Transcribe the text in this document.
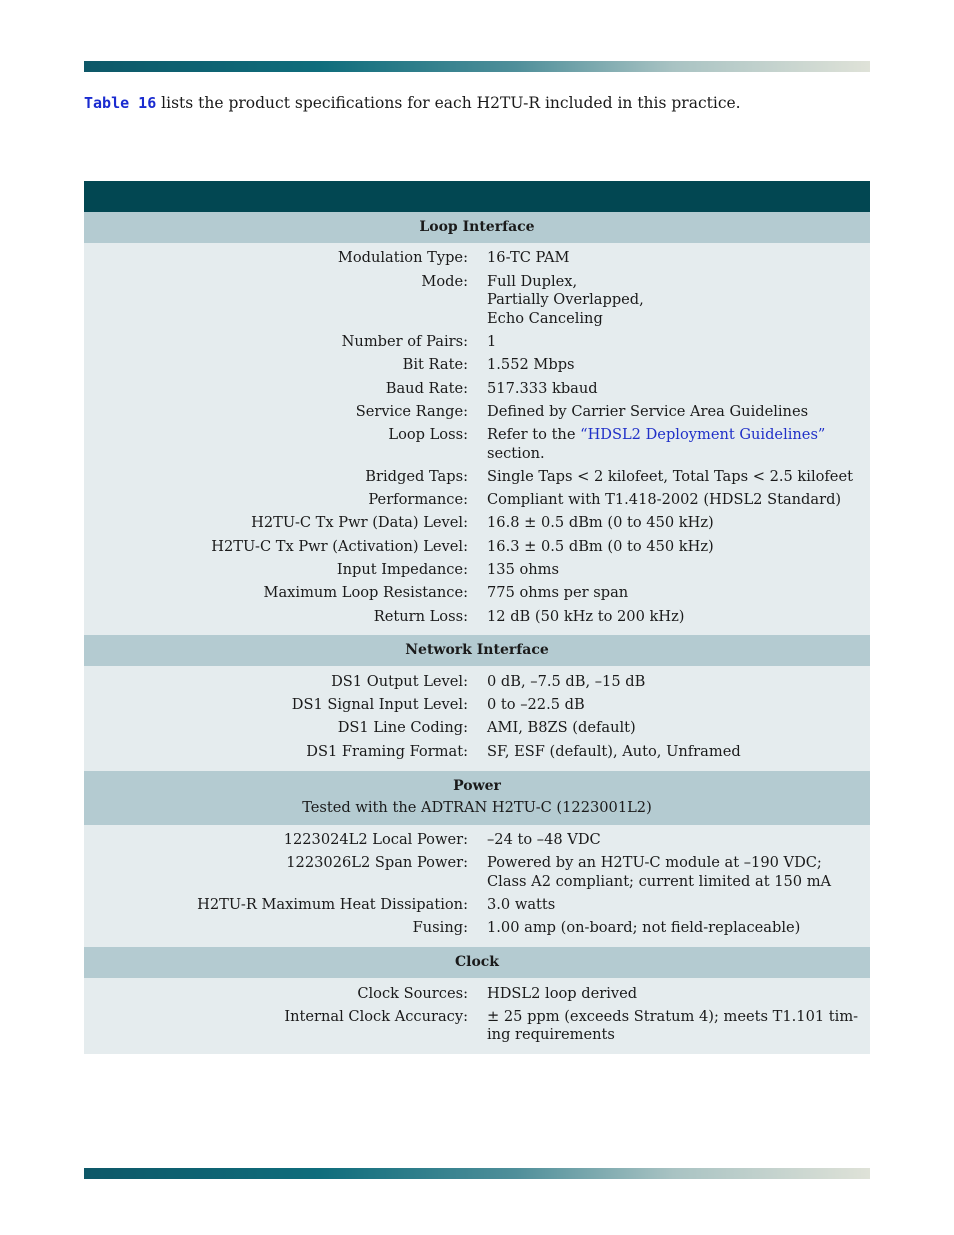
Table 16 lists the product specifications for each H2TU-R included in this practice.

Loop Interface
Modulation Type: 16-TC PAM
Mode: Full Duplex,
Partially Overlapped,
Echo Canceling
Number of Pairs: 1
Bit Rate: 1.552 Mbps
Baud Rate: 517.333 kbaud
Service Range: Defined by Carrier Service Area Guidelines
Loop Loss: Refer to the “HDSL2 Deployment Guidelines”
section.
Bridged Taps: Single Taps < 2 kilofeet, Total Taps < 2.5 kilofeet
Performance: Compliant with T1.418-2002 (HDSL2 Standard)
H2TU-C Tx Pwr (Data) Level: 16.8 ± 0.5 dBm (0 to 450 kHz)
H2TU-C Tx Pwr (Activation) Level: 16.3 ± 0.5 dBm (0 to 450 kHz)
Input Impedance: 135 ohms
Maximum Loop Resistance: 775 ohms per span
Return Loss: 12 dB (50 kHz to 200 kHz)
Network Interface
DS1 Output Level: 0 dB, –7.5 dB, –15 dB
DS1 Signal Input Level: 0 to –22.5 dB
DS1 Line Coding: AMI, B8ZS (default)
DS1 Framing Format: SF, ESF (default), Auto, Unframed
Power
Tested with the ADTRAN H2TU-C (1223001L2)
1223024L2 Local Power: –24 to –48 VDC
1223026L2 Span Power: Powered by an H2TU-C module at –190 VDC;
Class A2 compliant; current limited at 150 mA
H2TU-R Maximum Heat Dissipation: 3.0 watts
Fusing: 1.00 amp (on-board; not field-replaceable)
Clock
Clock Sources: HDSL2 loop derived
Internal Clock Accuracy: ± 25 ppm (exceeds Stratum 4); meets T1.101 tim-
ing requirements
